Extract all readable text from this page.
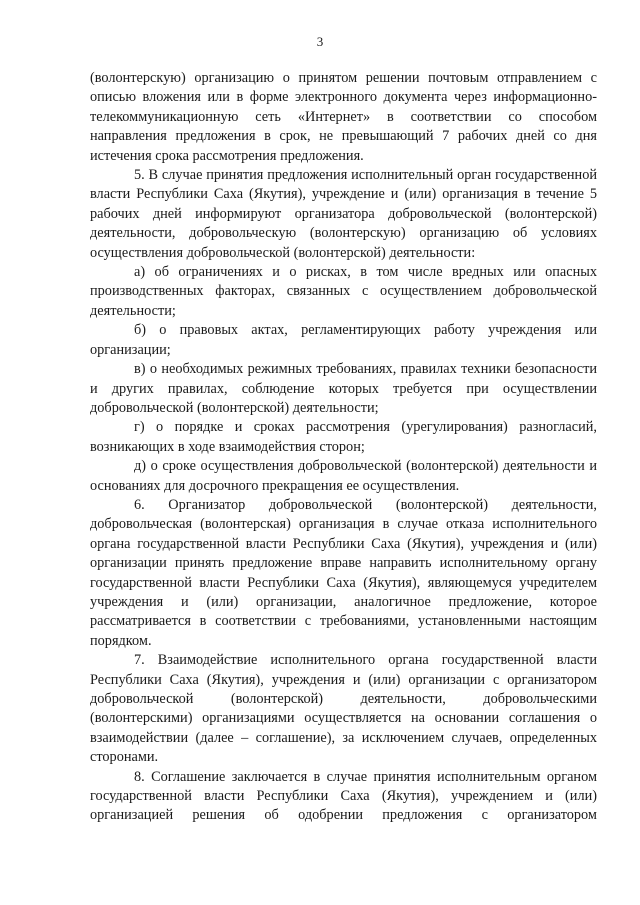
3

(волонтерскую) организацию о принятом решении почтовым отправлением с описью вложения или в форме электронного документа через информационно-телекоммуникационную сеть «Интернет» в соответствии со способом направления предложения в срок, не превышающий 7 рабочих дней со дня истечения срока рассмотрения предложения.

5. В случае принятия предложения исполнительный орган государственной власти Республики Саха (Якутия), учреждение и (или) организация в течение 5 рабочих дней информируют организатора добровольческой (волонтерской) деятельности, добровольческую (волонтерскую) организацию об условиях осуществления добровольческой (волонтерской) деятельности:

а) об ограничениях и о рисках, в том числе вредных или опасных производственных факторах, связанных с осуществлением добровольческой деятельности;

б) о правовых актах, регламентирующих работу учреждения или организации;

в) о необходимых режимных требованиях, правилах техники безопасности и других правилах, соблюдение которых требуется при осуществлении добровольческой (волонтерской) деятельности;

г) о порядке и сроках рассмотрения (урегулирования) разногласий, возникающих в ходе взаимодействия сторон;

д) о сроке осуществления добровольческой (волонтерской) деятельности и основаниях для досрочного прекращения ее осуществления.

6. Организатор добровольческой (волонтерской) деятельности, добровольческая (волонтерская) организация в случае отказа исполнительного органа государственной власти Республики Саха (Якутия), учреждения и (или) организации принять предложение вправе направить исполнительному органу государственной власти Республики Саха (Якутия), являющемуся учредителем учреждения и (или) организации, аналогичное предложение, которое рассматривается в соответствии с требованиями, установленными настоящим порядком.

7. Взаимодействие исполнительного органа государственной власти Республики Саха (Якутия), учреждения и (или) организации с организатором добровольческой (волонтерской) деятельности, добровольческими (волонтерскими) организациями осуществляется на основании соглашения о взаимодействии (далее – соглашение), за исключением случаев, определенных сторонами.

8. Соглашение заключается в случае принятия исполнительным органом государственной власти Республики Саха (Якутия), учреждением и (или) организацией решения об одобрении предложения с организатором
